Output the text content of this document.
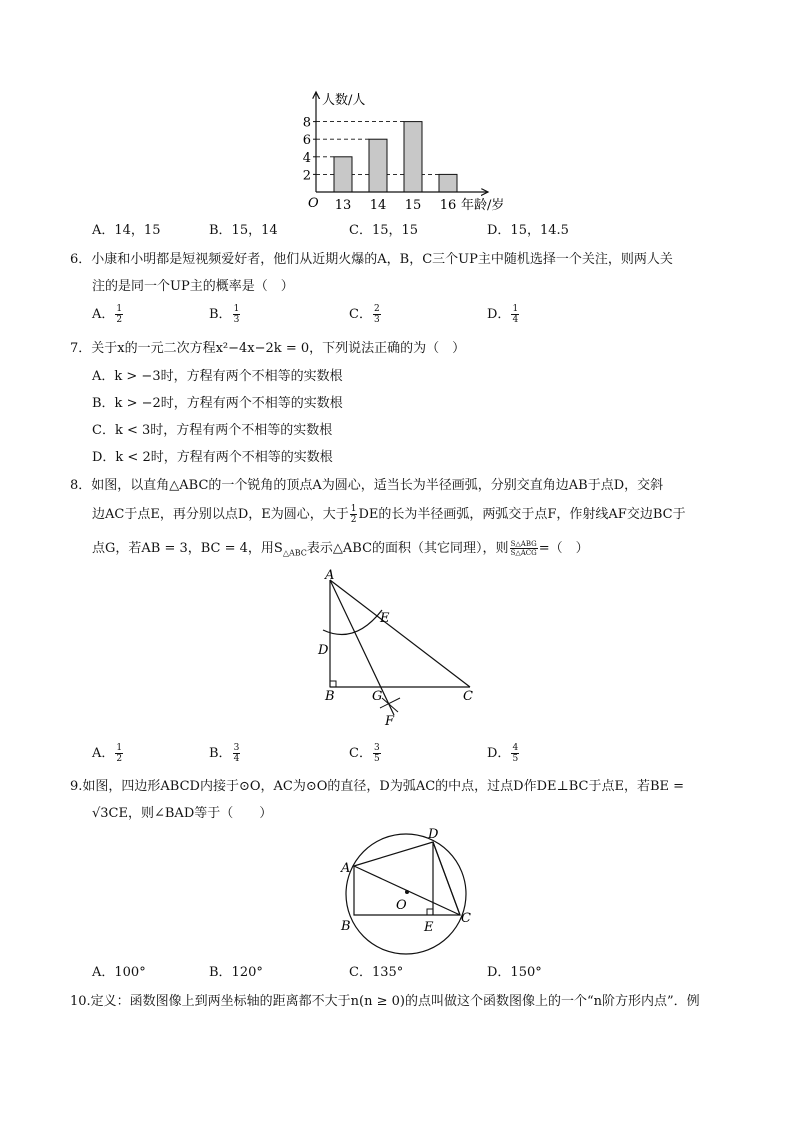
2
4
6
8
13 14 15 16
人数/人
年龄/岁
O
A．14，15	B．15，14	C．15，15	D．15，14.5
6．小康和小明都是短视频爱好者，他们从近期火爆的A，B，C三个UP主中随机选择一个关注，则两人关
注的是同一个UP主的概率是（　）
A． $\frac{1}{2}$	B． $\frac{1}{3}$	C． $\frac{2}{3}$	D． $\frac{1}{4}$
7．关于x的一元二次方程x²−4x−2k = 0，下列说法正确的为（　）
A．k > −3时，方程有两个不相等的实数根
B．k > −2时，方程有两个不相等的实数根
C．k < 3时，方程有两个不相等的实数根
D．k < 2时，方程有两个不相等的实数根
8．如图，以直角△ABC的一个锐角的顶点A为圆心，适当长为半径画弧，分别交直角边AB于点D，交斜
边AC于点E，再分别以点D，E为圆心，大于 $\frac{1}{2}$ DE的长为半径画弧，两弧交于点F，作射线AF交边BC于
点G，若AB = 3，BC = 4，用$S_{\triangle ABC}$表示△ABC的面积（其它同理），则 $\frac{\text{S△ABG}}{\text{S△ACG}}$ =（　）
A
B	C
D
E
F
G
A． $\frac{1}{2}$	B． $\frac{3}{4}$	C． $\frac{3}{5}$	D． $\frac{4}{5}$
9.如图，四边形ABCD内接于⊙O，AC为⊙O的直径，D为弧AC的中点，过点D作DE⊥BC于点E，若BE =
√3CE，则∠BAD等于（　　）
A
B
C
D
E
O
A．100°	B．120°	C．135°	D．150°
10.定义：函数图像上到两坐标轴的距离都不大于n(n ≥ 0)的点叫做这个函数图像上的一个“n阶方形内点”．例
